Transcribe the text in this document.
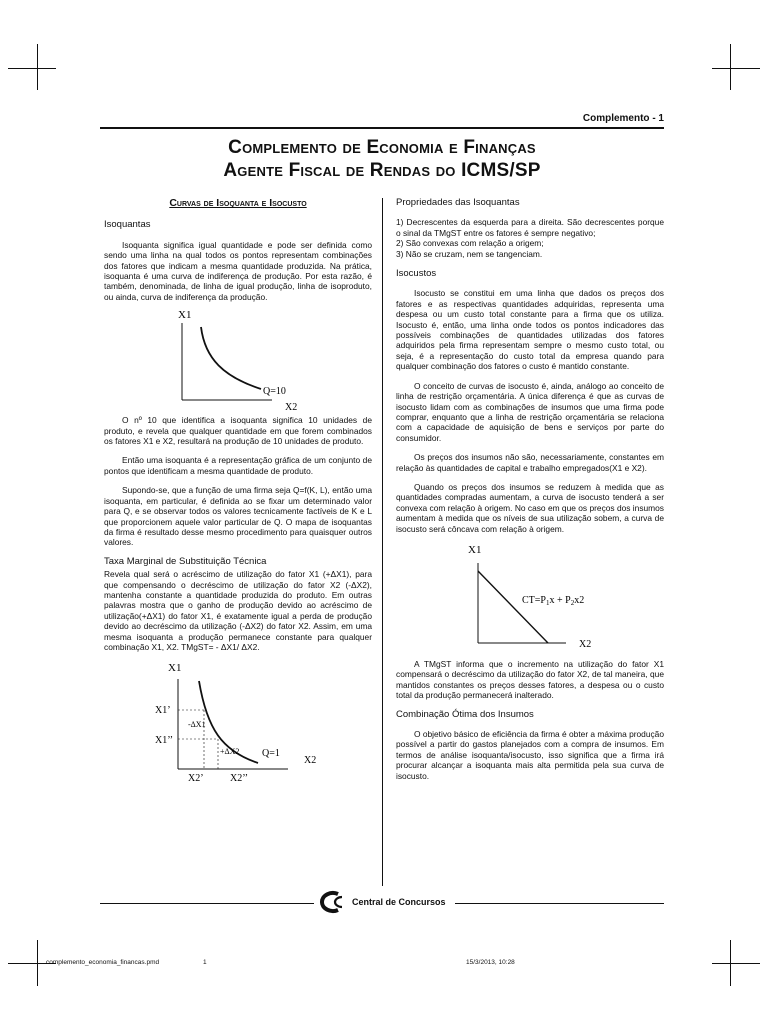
Complemento - 1
Complemento de Economia e Finanças
Agente Fiscal de Rendas do ICMS/SP
Curvas de Isoquanta e Isocusto
Isoquantas

Isoquanta significa igual quantidade e pode ser definida como sendo uma linha na qual todos os pontos representam combinações dos fatores que indicam a mesma quantidade produzida. Na prática, isoquanta é uma curva de indiferença de produção. Por esta razão, é também, denominada, de linha de igual produção, linha de isoproduto, ou ainda, curva de indiferença da produção.

X1
Q=10
X2

O nº 10 que identifica a isoquanta significa 10 unidades de produto, e revela que qualquer quantidade em que forem combinados os fatores X1 e X2, resultará na produção de 10 unidades de produto.

Então uma isoquanta é a representação gráfica de um conjunto de pontos que identificam a mesma quantidade de produto.

Supondo-se, que a função de uma firma seja Q=f(K, L), então uma isoquanta, em particular, é definida ao se fixar um determinado valor para Q, e se observar todos os valores tecnicamente factíveis de K e L que proporcionem aquele valor particular de Q. O mapa de isoquantas da firma é resultado desse mesmo procedimento para quaisquer outros valores.

Taxa Marginal de Substituição Técnica

Revela qual será o acréscimo de utilização do fator X1 (+ΔX1), para que compensando o decréscimo de utilização do fator X2 (-ΔX2), mantenha constante a quantidade produzida do produto. Em outras palavras mostra que o ganho de produção devido ao acréscimo de utilização(+ΔX1) do fator X1, é exatamente igual a perda de produção devido ao decréscimo da utilização (-ΔX2) do fator X2. Assim, em uma mesma isoquanta a produção permanece constante para qualquer combinação X1, X2. TMgST= - ΔX1/ ΔX2.

X1
X1’
X1’’
-ΔX1
+ΔX2 Q=1
X2
X2’	X2’’
Propriedades das Isoquantas
1) Decrescentes da esquerda para a direita. São decrescentes porque o sinal da TMgST entre os fatores é sempre negativo;
2) São convexas com relação a origem;
3) Não se cruzam, nem se tangenciam.
Isocustos

Isocusto se constitui em uma linha que dados os preços dos fatores e as respectivas quantidades adquiridas, representa uma despesa ou um custo total constante para a firma que os utiliza. Isocusto é, então, uma linha onde todos os pontos indicadores das possíveis combinações de quantidades utilizadas dos fatores adquiridos pela firma representam sempre o mesmo custo total, ou seja, é a representação do custo total da empresa quando para qualquer combinação dos fatores o custo é mantido constante.

O conceito de curvas de isocusto é, ainda, análogo ao conceito de linha de restrição orçamentária. A única diferença é que as curvas de isocusto lidam com as combinações de insumos que uma firma pode comprar, enquanto que a linha de restrição orçamentária se relaciona com a capacidade de aquisição de bens e serviços por parte do consumidor.

Os preços dos insumos não são, necessariamente, constantes em relação às quantidades de capital e trabalho empregados(X1 e X2).

Quando os preços dos insumos se reduzem à medida que as quantidades compradas aumentam, a curva de isocusto tenderá a ser convexa com relação à origem. No caso em que os preços dos insumos aumentam à medida que os níveis de sua utilização sobem, a curva de isocusto será côncava com relação à origem.

X1
$CT=P_1x + P_2x2$
X2

A TMgST informa que o incremento na utilização do fator X1 compensará o decréscimo da utilização do fator X2, de tal maneira, que mantidos constantes os preços desses fatores, a despesa ou o custo total da produção permanecerá inalterado.

Combinação Ótima dos Insumos

O objetivo básico de eficiência da firma é obter a máxima produção possível a partir do gastos planejados com a compra de insumos. Em termos de análise isoquanta/isocusto, isso significa que a firma irá procurar alcançar a isoquanta mais alta permitida pela sua curva de isocusto.

Central de Concursos
complemento_economia_financas.pmd	1	15/3/2013, 10:28
